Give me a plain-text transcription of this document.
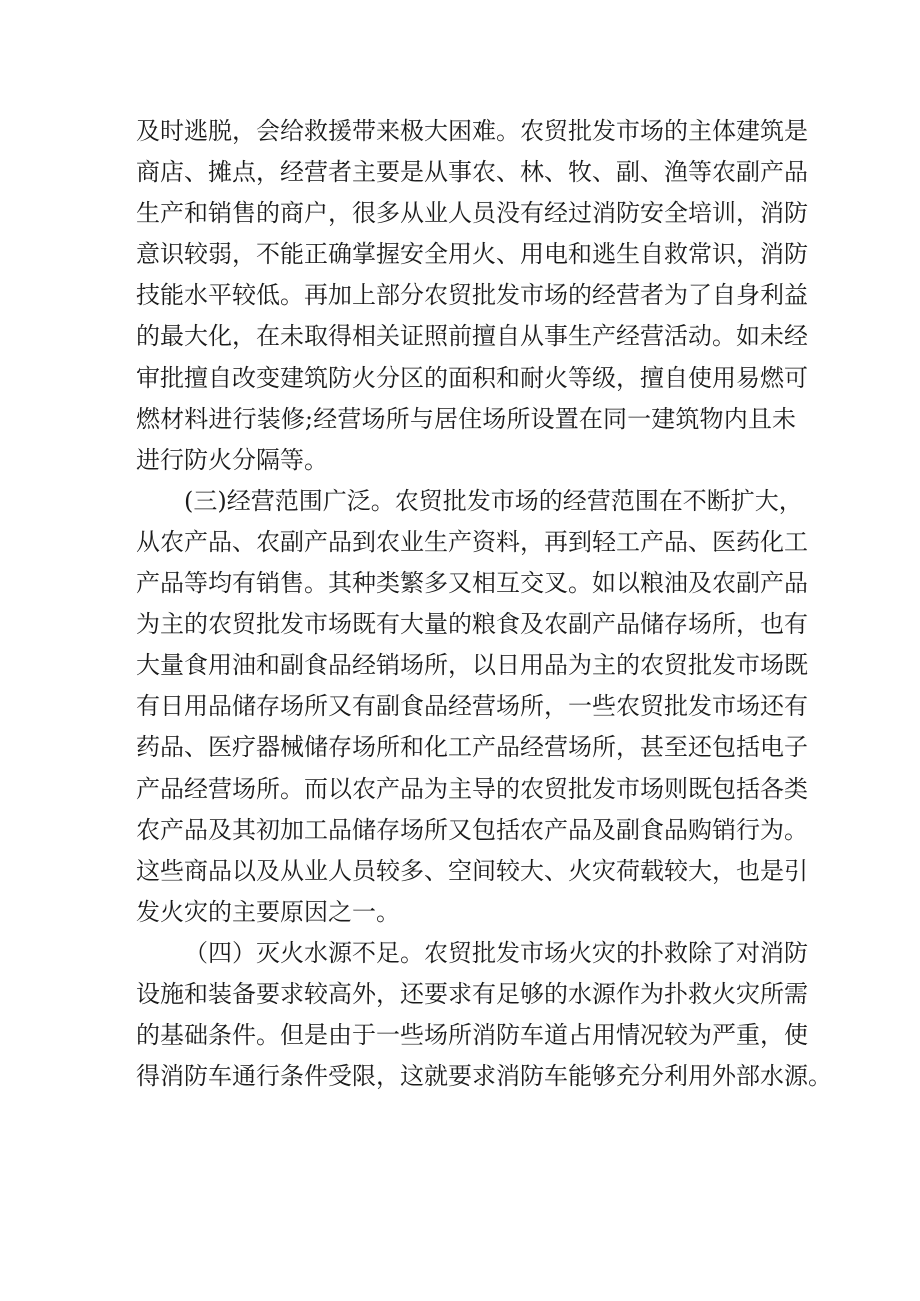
及时逃脱，会给救援带来极大困难。农贸批发市场的主体建筑是
商店、摊点，经营者主要是从事农、林、牧、副、渔等农副产品
生产和销售的商户，很多从业人员没有经过消防安全培训，消防
意识较弱，不能正确掌握安全用火、用电和逃生自救常识，消防
技能水平较低。再加上部分农贸批发市场的经营者为了自身利益
的最大化，在未取得相关证照前擅自从事生产经营活动。如未经
审批擅自改变建筑防火分区的面积和耐火等级，擅自使用易燃可
燃材料进行装修;经营场所与居住场所设置在同一建筑物内且未
进行防火分隔等。
(三)经营范围广泛。农贸批发市场的经营范围在不断扩大，
从农产品、农副产品到农业生产资料，再到轻工产品、医药化工
产品等均有销售。其种类繁多又相互交叉。如以粮油及农副产品
为主的农贸批发市场既有大量的粮食及农副产品储存场所，也有
大量食用油和副食品经销场所，以日用品为主的农贸批发市场既
有日用品储存场所又有副食品经营场所，一些农贸批发市场还有
药品、医疗器械储存场所和化工产品经营场所，甚至还包括电子
产品经营场所。而以农产品为主导的农贸批发市场则既包括各类
农产品及其初加工品储存场所又包括农产品及副食品购销行为。
这些商品以及从业人员较多、空间较大、火灾荷载较大，也是引
发火灾的主要原因之一。
（四）灭火水源不足。农贸批发市场火灾的扑救除了对消防
设施和装备要求较高外，还要求有足够的水源作为扑救火灾所需
的基础条件。但是由于一些场所消防车道占用情况较为严重，使
得消防车通行条件受限，这就要求消防车能够充分利用外部水源。
